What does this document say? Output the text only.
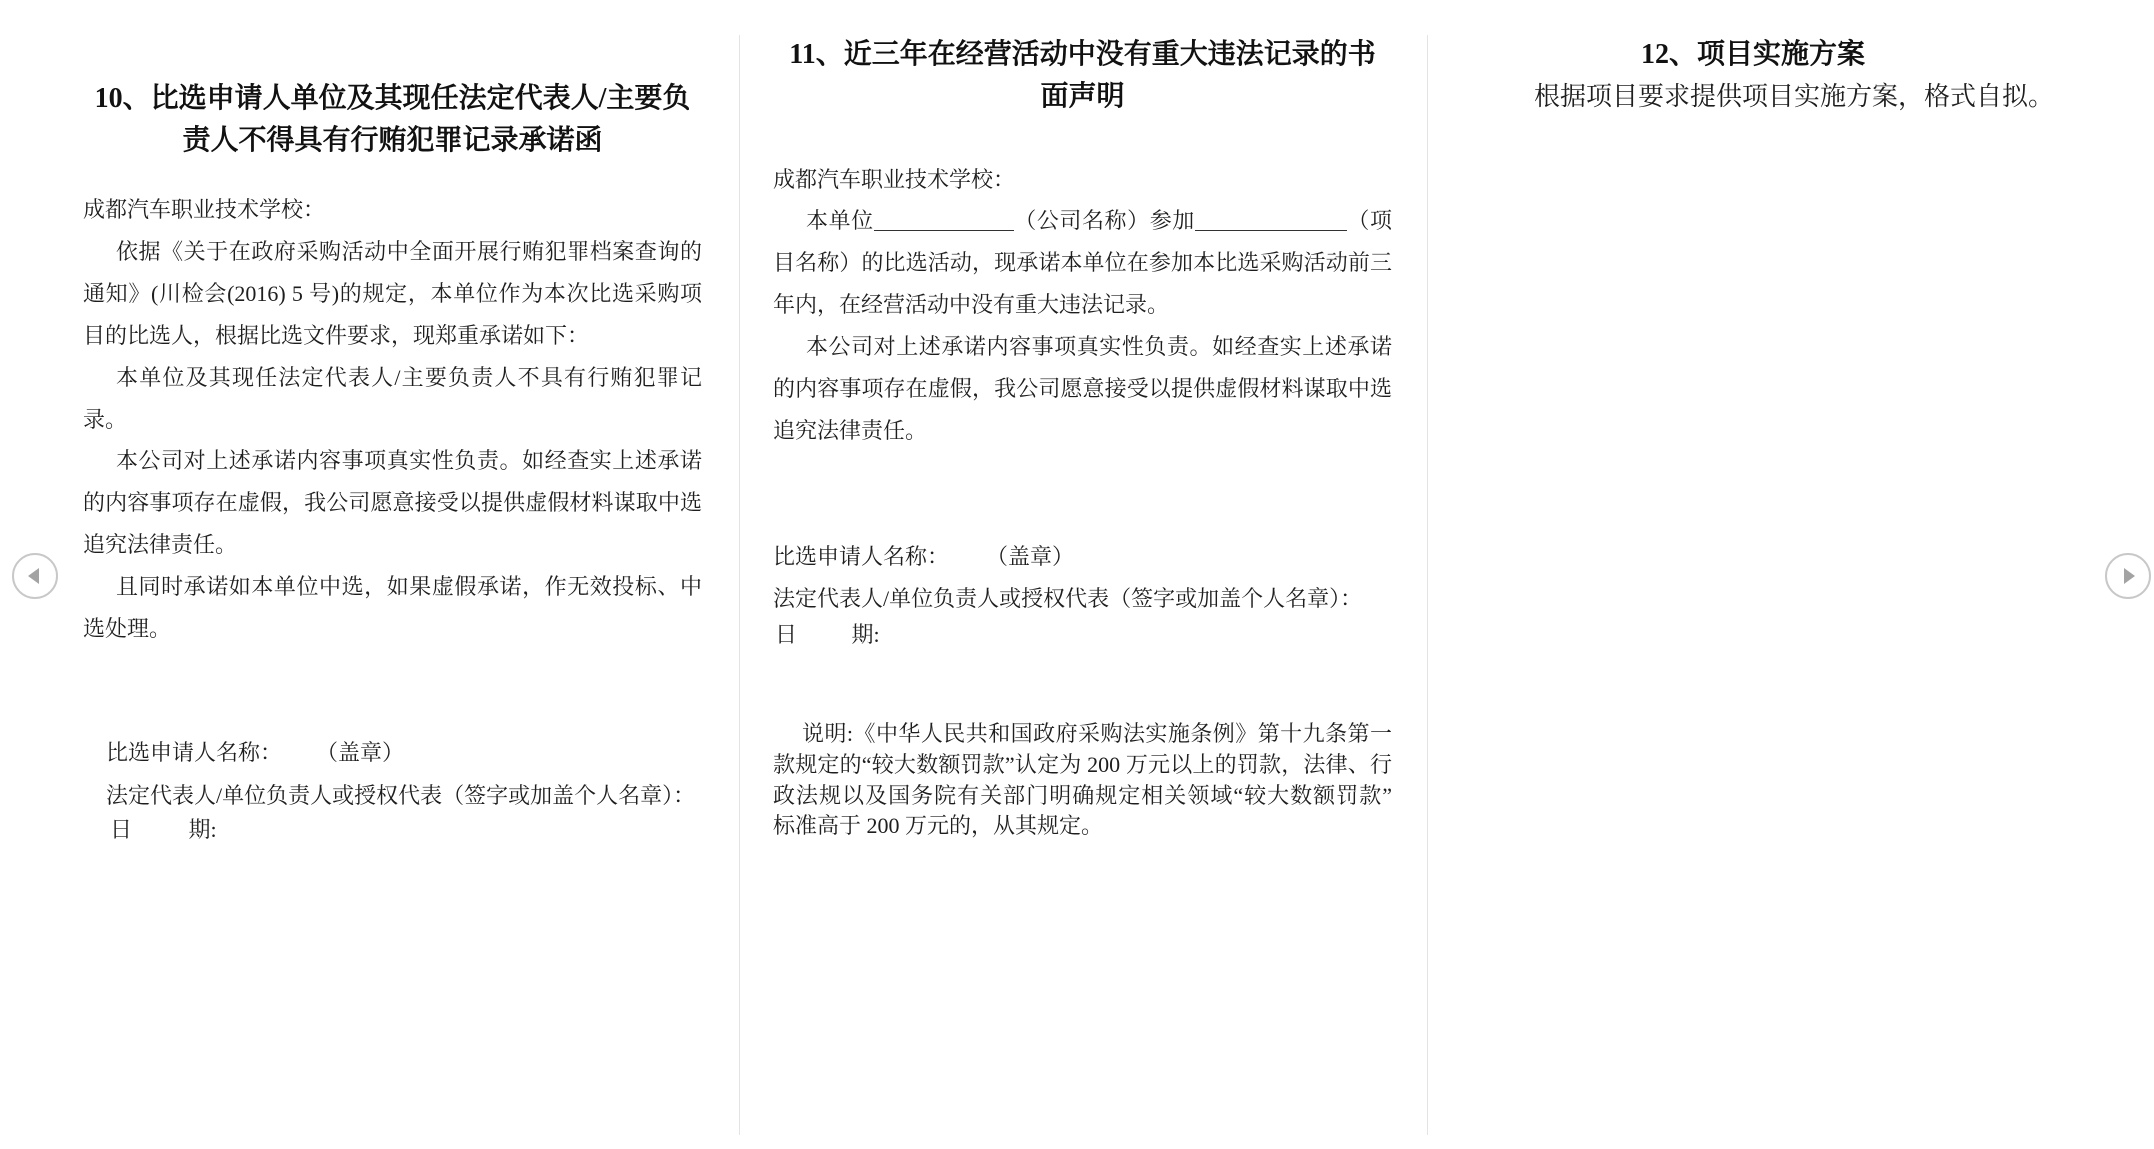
10、比选申请人单位及其现任法定代表人/主要负
责人不得具有行贿犯罪记录承诺函
成都汽车职业技术学校：
依据《关于在政府采购活动中全面开展行贿犯罪档案查询的
通知》(川检会(2016) 5 号)的规定，本单位作为本次比选采购项
目的比选人，根据比选文件要求，现郑重承诺如下：
本单位及其现任法定代表人/主要负责人不具有行贿犯罪记
录。
本公司对上述承诺内容事项真实性负责。如经查实上述承诺
的内容事项存在虚假，我公司愿意接受以提供虚假材料谋取中选
追究法律责任。
且同时承诺如本单位中选，如果虚假承诺，作无效投标、中
选处理。
比选申请人名称： （盖章）
法定代表人/单位负责人或授权代表（签字或加盖个人名章）：
日 期:
11、近三年在经营活动中没有重大违法记录的书
面声明
成都汽车职业技术学校：
本单位	（公司名称）参加	（项
目名称）的比选活动，现承诺本单位在参加本比选采购活动前三
年内，在经营活动中没有重大违法记录。
本公司对上述承诺内容事项真实性负责。如经查实上述承诺
的内容事项存在虚假，我公司愿意接受以提供虚假材料谋取中选
追究法律责任。
比选申请人名称： （盖章）
法定代表人/单位负责人或授权代表（签字或加盖个人名章）：
日 期:
说明:《中华人民共和国政府采购法实施条例》第十九条第一
款规定的“较大数额罚款”认定为 200 万元以上的罚款，法律、行
政法规以及国务院有关部门明确规定相关领域“较大数额罚款”
标准高于 200 万元的，从其规定。
12、项目实施方案
根据项目要求提供项目实施方案，格式自拟。
